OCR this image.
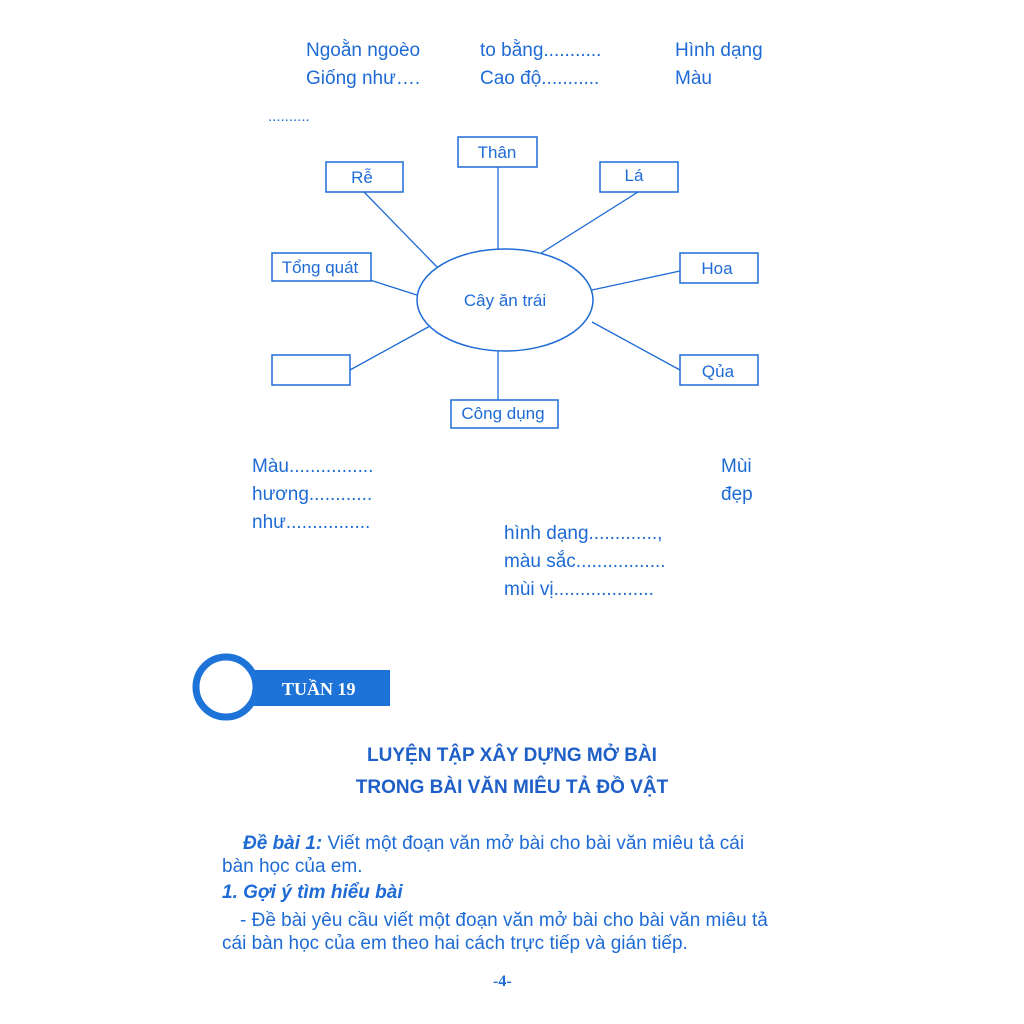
Ngoằn ngoèo	to bằng...........	Hình dạng
Giống như….	Cao độ...........	Màu
..........
Cây ăn trái
Thân
Rễ	Lá
Tổng quát	Hoa
Qủa
Công dụng
Màu................
hương............
như................
Mùi
đẹp
hình dạng.............,
màu sắc.................
mùi vị...................
TUẦN 19
LUYỆN TẬP XÂY DỰNG MỞ BÀI
TRONG BÀI VĂN MIÊU TẢ ĐỒ VẬT
Đề bài 1: Viết một đoạn văn mở bài cho bài văn miêu tả cái
bàn học của em.
1. Gợi ý tìm hiểu bài
- Đề bài yêu cầu viết một đoạn văn mở bài cho bài văn miêu tả
cái bàn học của em theo hai cách trực tiếp và gián tiếp.
-4-
